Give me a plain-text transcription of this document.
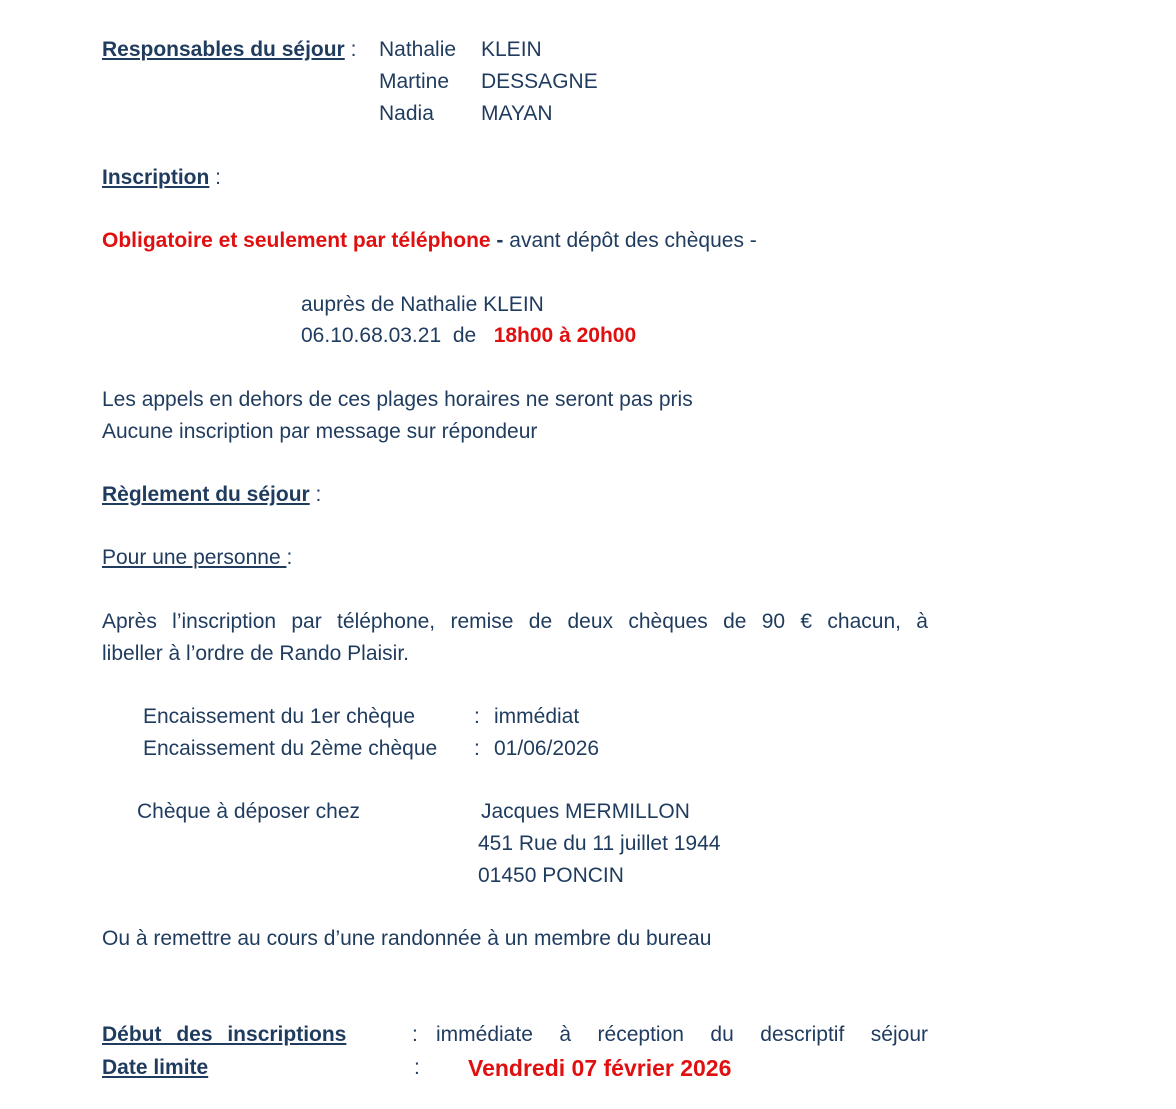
Responsables du séjour : Nathalie KLEIN
Martine DESSAGNE
Nadia MAYAN
Inscription :
Obligatoire et seulement par téléphone - avant dépôt des chèques -
auprès de Nathalie KLEIN
06.10.68.03.21 de 18h00 à 20h00
Les appels en dehors de ces plages horaires ne seront pas pris
Aucune inscription par message sur répondeur
Règlement du séjour :
Pour une personne :
Après l’inscription par téléphone, remise de deux chèques de 90 € chacun, à
libeller à l’ordre de Rando Plaisir.
Encaissement du 1er chèque	: immédiat
Encaissement du 2ème chèque : 01/06/2026
Chèque à déposer chez	Jacques MERMILLON
451 Rue du 11 juillet 1944
01450 PONCIN
Ou à remettre au cours d’une randonnée à un membre du bureau
Début des inscriptions	: immédiate à réception du descriptif séjour
Date limite	: Vendredi 07 février 2026
